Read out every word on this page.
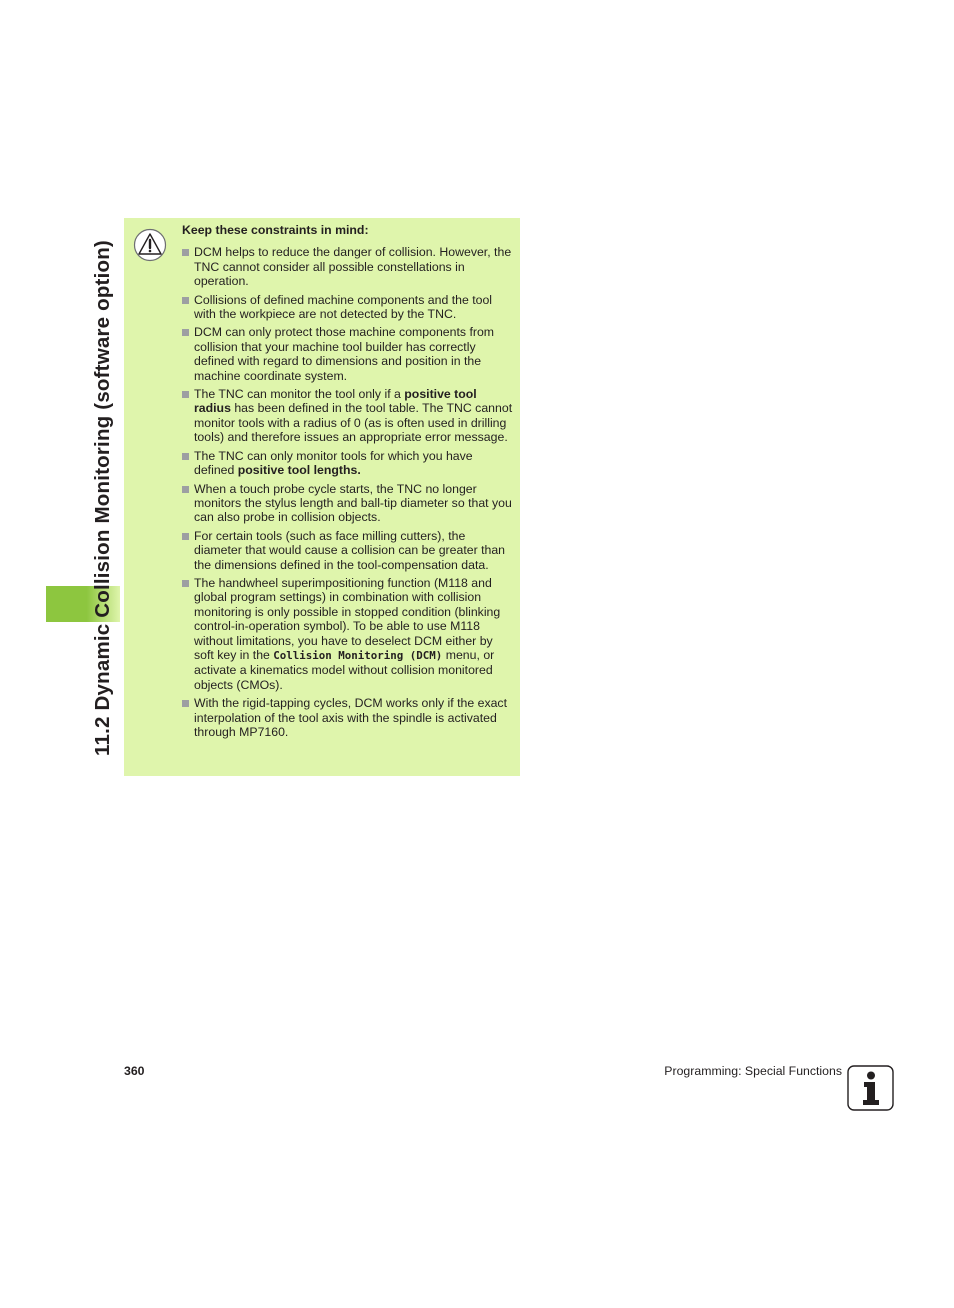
11.2 Dynamic Collision Monitoring (software option)
Keep these constraints in mind:
DCM helps to reduce the danger of collision. However, the TNC cannot consider all possible constellations in operation.
Collisions of defined machine components and the tool with the workpiece are not detected by the TNC.
DCM can only protect those machine components from collision that your machine tool builder has correctly defined with regard to dimensions and position in the machine coordinate system.
The TNC can monitor the tool only if a positive tool radius has been defined in the tool table. The TNC cannot monitor tools with a radius of 0 (as is often used in drilling tools) and therefore issues an appropriate error message.
The TNC can only monitor tools for which you have defined positive tool lengths.
When a touch probe cycle starts, the TNC no longer monitors the stylus length and ball-tip diameter so that you can also probe in collision objects.
For certain tools (such as face milling cutters), the diameter that would cause a collision can be greater than the dimensions defined in the tool-compensation data.
The handwheel superimpositioning function (M118 and global program settings) in combination with collision monitoring is only possible in stopped condition (blinking control-in-operation symbol). To be able to use M118 without limitations, you have to deselect DCM either by soft key in the Collision Monitoring (DCM) menu, or activate a kinematics model without collision monitored objects (CMOs).
With the rigid-tapping cycles, DCM works only if the exact interpolation of the tool axis with the spindle is activated through MP7160.
360	Programming: Special Functions
